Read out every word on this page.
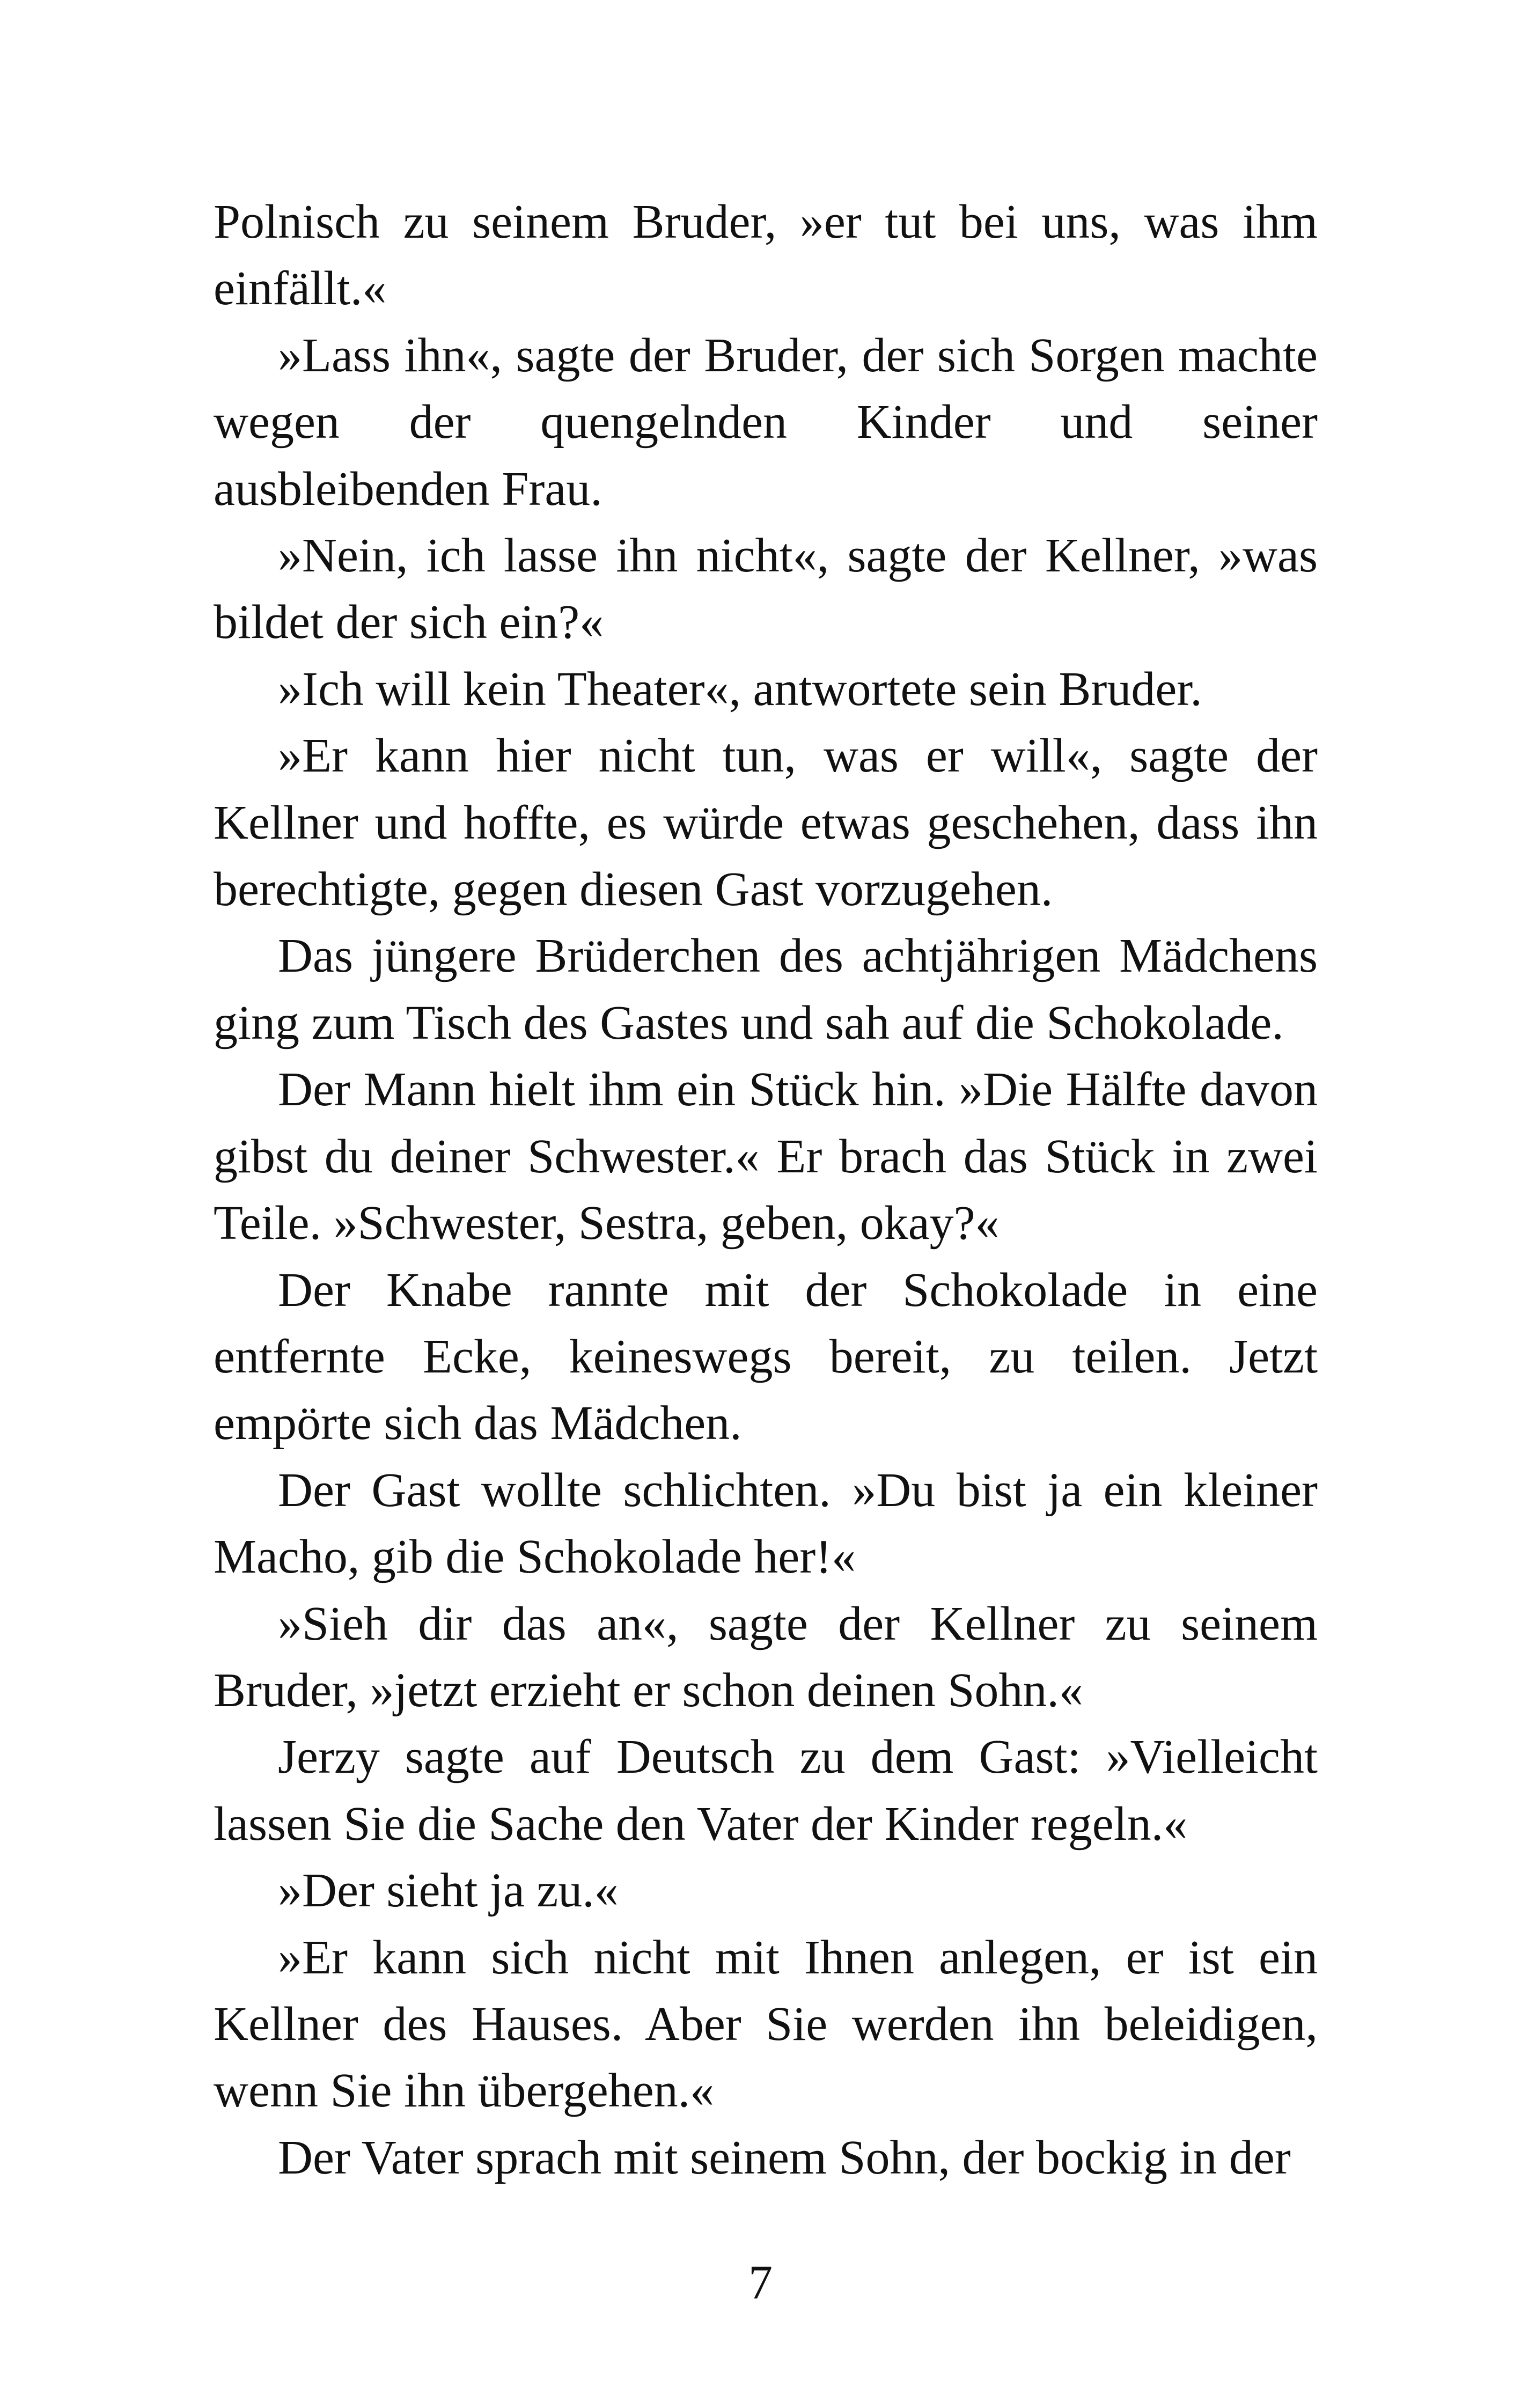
Polnisch zu seinem Bruder, »er tut bei uns, was ihm einfällt.«

»Lass ihn«, sagte der Bruder, der sich Sorgen machte wegen der quengelnden Kinder und seiner ausbleibenden Frau.

»Nein, ich lasse ihn nicht«, sagte der Kellner, »was bildet der sich ein?«

»Ich will kein Theater«, antwortete sein Bruder.

»Er kann hier nicht tun, was er will«, sagte der Kellner und hoffte, es würde etwas geschehen, dass ihn berechtigte, gegen diesen Gast vorzugehen.

Das jüngere Brüderchen des achtjährigen Mädchens ging zum Tisch des Gastes und sah auf die Schokolade.

Der Mann hielt ihm ein Stück hin. »Die Hälfte davon gibst du deiner Schwester.« Er brach das Stück in zwei Teile. »Schwester, Sestra, geben, okay?«

Der Knabe rannte mit der Schokolade in eine entfernte Ecke, keineswegs bereit, zu teilen. Jetzt empörte sich das Mädchen.

Der Gast wollte schlichten. »Du bist ja ein kleiner Macho, gib die Schokolade her!«

»Sieh dir das an«, sagte der Kellner zu seinem Bruder, »jetzt erzieht er schon deinen Sohn.«

Jerzy sagte auf Deutsch zu dem Gast: »Vielleicht lassen Sie die Sache den Vater der Kinder regeln.«

»Der sieht ja zu.«

»Er kann sich nicht mit Ihnen anlegen, er ist ein Kellner des Hauses. Aber Sie werden ihn beleidigen, wenn Sie ihn übergehen.«

Der Vater sprach mit seinem Sohn, der bockig in der

7
